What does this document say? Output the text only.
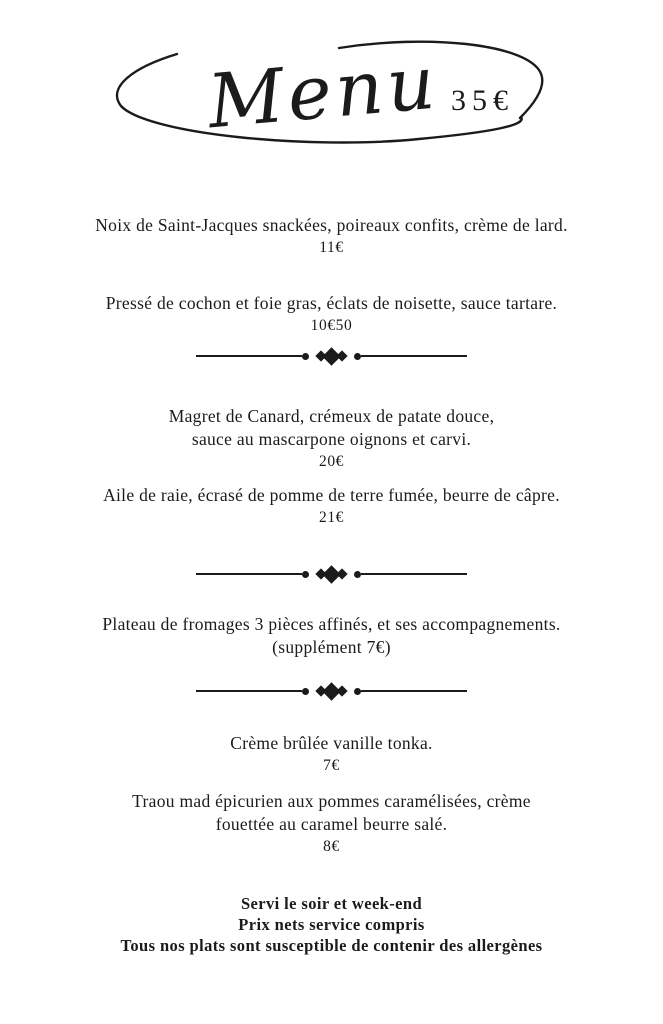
Menu 35€

Noix de Saint-Jacques snackées, poireaux confits, crème de lard.

11€

Pressé de cochon et foie gras, éclats de noisette, sauce tartare.

10€50

Magret de Canard, crémeux de patate douce,

sauce au mascarpone oignons et carvi.

20€

Aile de raie, écrasé de pomme de terre fumée, beurre de câpre.

21€

Plateau de fromages 3 pièces affinés, et ses accompagnements.

(supplément 7€)

Crème brûlée vanille tonka.

7€

Traou mad épicurien aux pommes caramélisées, crème

fouettée au caramel beurre salé.

8€

Servi le soir et week-end

Prix nets service compris

Tous nos plats sont susceptible de contenir des allergènes
